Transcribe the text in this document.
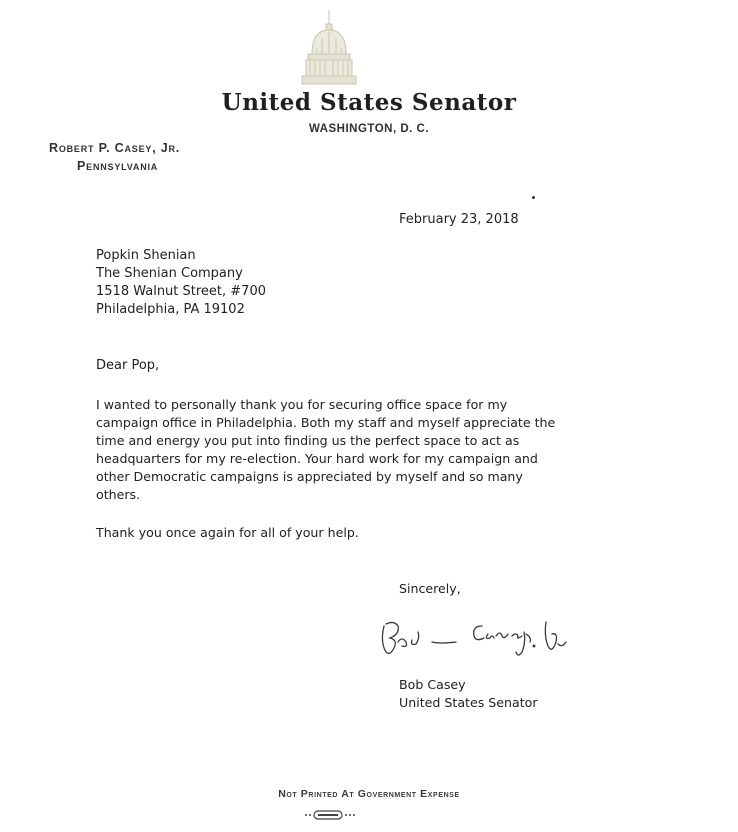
United States Senator
WASHINGTON, D. C.
Robert P. Casey, Jr.
Pennsylvania
February 23, 2018
Popkin Shenian
The Shenian Company
1518 Walnut Street, #700
Philadelphia, PA 19102
Dear Pop,
I wanted to personally thank you for securing office space for my campaign office in Philadelphia. Both my staff and myself appreciate the time and energy you put into finding us the perfect space to act as headquarters for my re-election. Your hard work for my campaign and other Democratic campaigns is appreciated by myself and so many others.
Thank you once again for all of your help.
Sincerely,
Bob Casey
United States Senator
Not Printed At Government Expense
